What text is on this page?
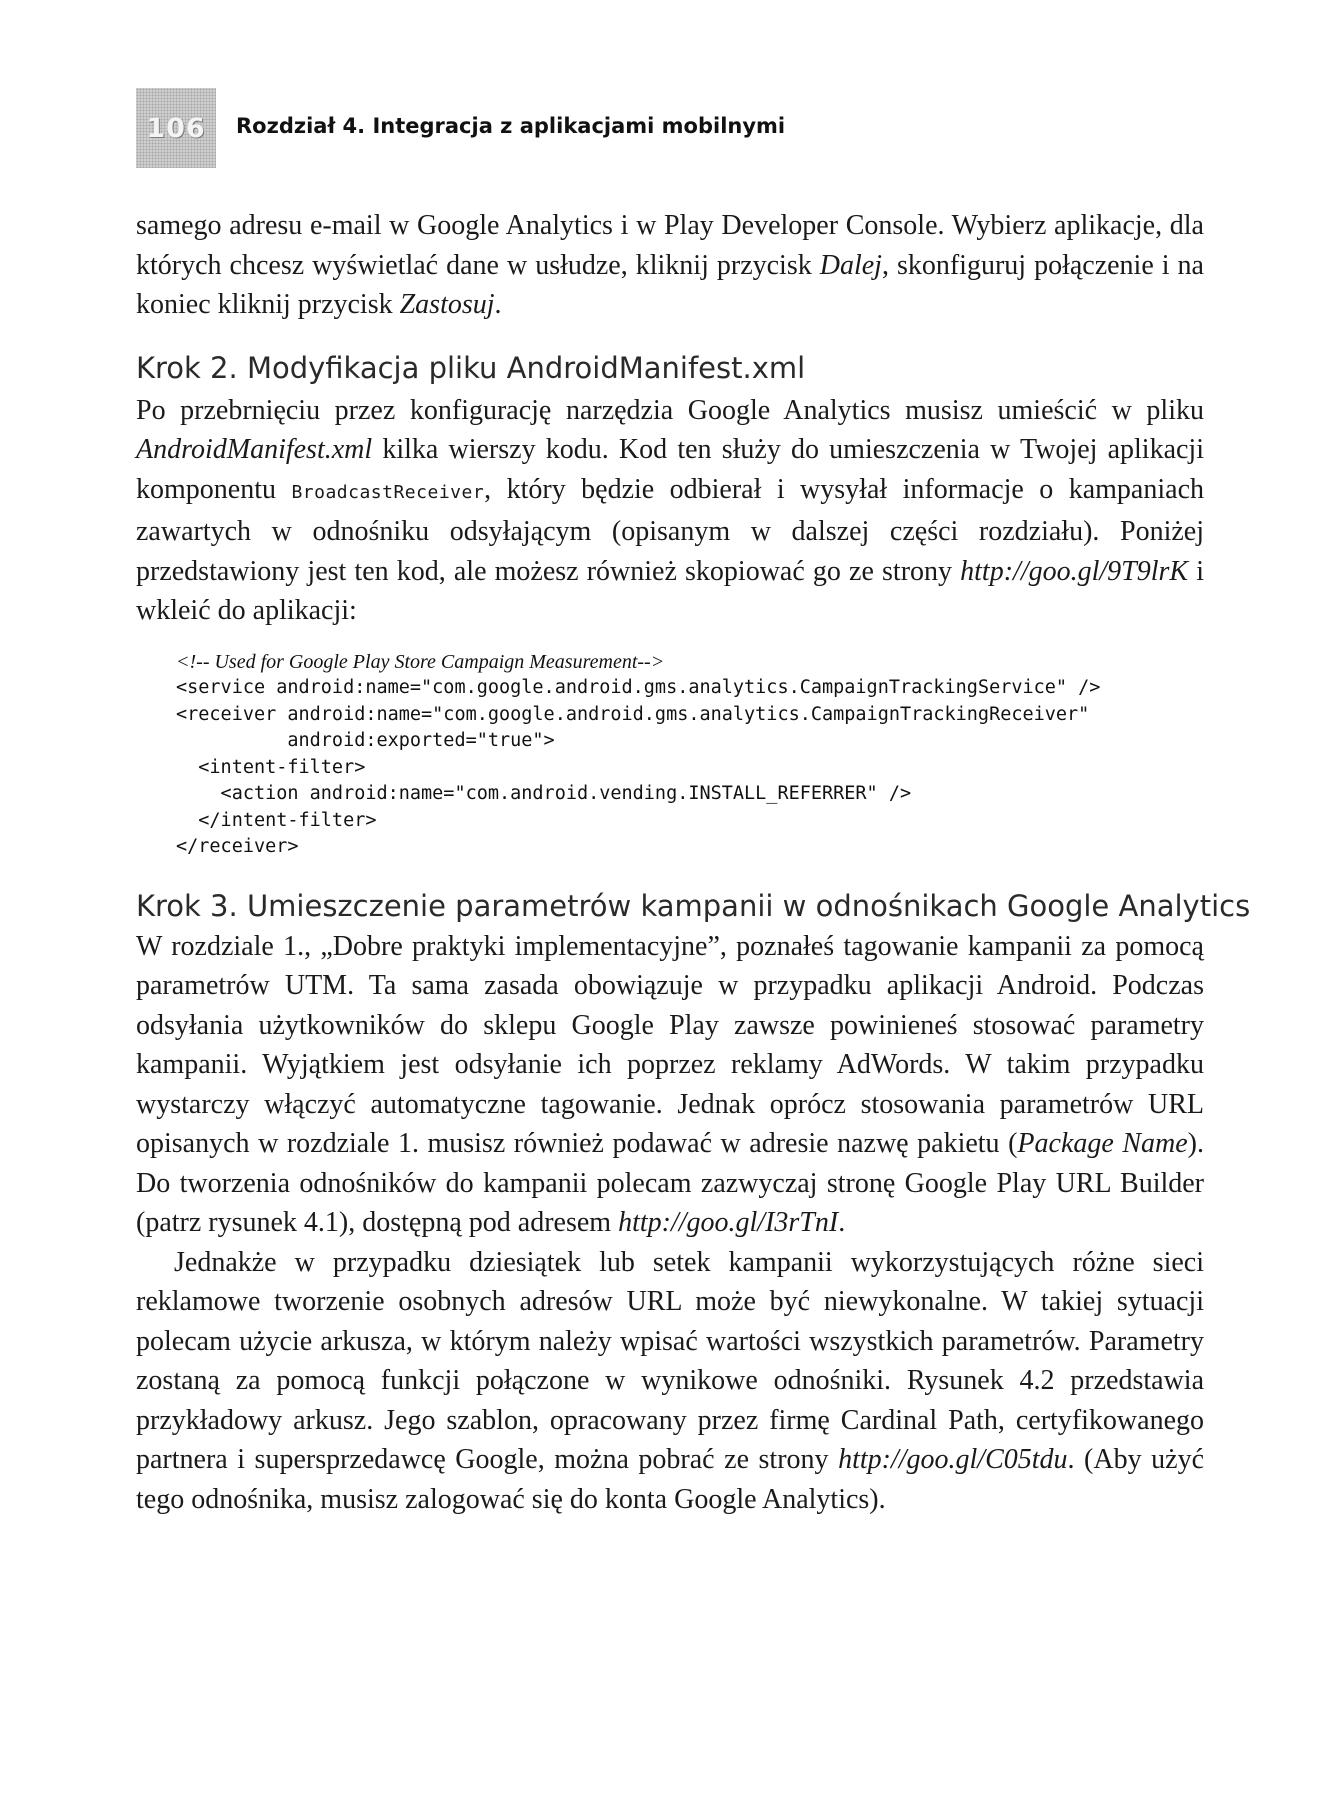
106 Rozdział 4. Integracja z aplikacjami mobilnymi

samego adresu e-mail w Google Analytics i w Play Developer Console. Wybierz aplikacje, dla których chcesz wyświetlać dane w usłudze, kliknij przycisk Dalej, skonfiguruj połączenie i na koniec kliknij przycisk Zastosuj.

Krok 2. Modyfikacja pliku AndroidManifest.xml

Po przebrnięciu przez konfigurację narzędzia Google Analytics musisz umieścić w pliku AndroidManifest.xml kilka wierszy kodu. Kod ten służy do umieszczenia w Twojej aplikacji komponentu BroadcastReceiver, który będzie odbierał i wysyłał informacje o kampaniach zawartych w odnośniku odsyłającym (opisanym w dalszej części rozdziału). Poniżej przedstawiony jest ten kod, ale możesz również skopiować go ze strony http://goo.gl/9T9lrK i wkleić do aplikacji:

<!-- Used for Google Play Store Campaign Measurement-->
<service android:name="com.google.android.gms.analytics.CampaignTrackingService" />
<receiver android:name="com.google.android.gms.analytics.CampaignTrackingReceiver"
android:exported="true">
<intent-filter>
<action android:name="com.android.vending.INSTALL_REFERRER" />
</intent-filter>
</receiver>
Krok 3. Umieszczenie parametrów kampanii w odnośnikach Google Analytics

W rozdziale 1., „Dobre praktyki implementacyjne”, poznałeś tagowanie kampanii za pomocą parametrów UTM. Ta sama zasada obowiązuje w przypadku aplikacji Android. Podczas odsyłania użytkowników do sklepu Google Play zawsze powinieneś stosować parametry kampanii. Wyjątkiem jest odsyłanie ich poprzez reklamy AdWords. W takim przypadku wystarczy włączyć automatyczne tagowanie. Jednak oprócz stosowania parametrów URL opisanych w rozdziale 1. musisz również podawać w adresie nazwę pakietu (Package Name). Do tworzenia odnośników do kampanii polecam zazwyczaj stronę Google Play URL Builder (patrz rysunek 4.1), dostępną pod adresem http://goo.gl/I3rTnI.

Jednakże w przypadku dziesiątek lub setek kampanii wykorzystujących różne sieci reklamowe tworzenie osobnych adresów URL może być niewykonalne. W takiej sytuacji polecam użycie arkusza, w którym należy wpisać wartości wszystkich parametrów. Parametry zostaną za pomocą funkcji połączone w wynikowe odnośniki. Rysunek 4.2 przedstawia przykładowy arkusz. Jego szablon, opracowany przez firmę Cardinal Path, certyfikowanego partnera i supersprzedawcę Google, można pobrać ze strony http://goo.gl/C05tdu. (Aby użyć tego odnośnika, musisz zalogować się do konta Google Analytics).
